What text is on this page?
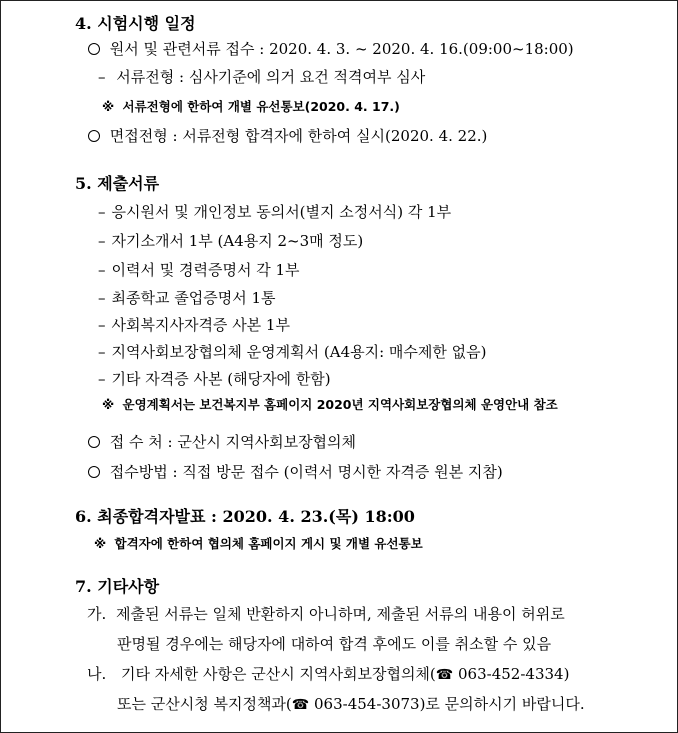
4. 시험시행 일정
원서 및 관련서류 접수 : 2020. 4. 3. ~ 2020. 4. 16.(09:00~18:00)
– 서류전형 : 심사기준에 의거 요건 적격여부 심사
※ 서류전형에 한하여 개별 유선통보(2020. 4. 17.)
면접전형 : 서류전형 합격자에 한하여 실시(2020. 4. 22.)
5. 제출서류
– 응시원서 및 개인정보 동의서(별지 소정서식) 각 1부
– 자기소개서 1부 (A4용지 2~3매 정도)
– 이력서 및 경력증명서 각 1부
– 최종학교 졸업증명서 1통
– 사회복지사자격증 사본 1부
– 지역사회보장협의체 운영계획서 (A4용지: 매수제한 없음)
– 기타 자격증 사본 (해당자에 한함)
※ 운영계획서는 보건복지부 홈페이지 2020년 지역사회보장협의체 운영안내 참조
접 수 처 : 군산시 지역사회보장협의체
접수방법 : 직접 방문 접수 (이력서 명시한 자격증 원본 지참)
6. 최종합격자발표 : 2020. 4. 23.(목) 18:00
※ 합격자에 한하여 협의체 홈페이지 게시 및 개별 유선통보
7. 기타사항
가. 제출된 서류는 일체 반환하지 아니하며, 제출된 서류의 내용이 허위로
판명될 경우에는 해당자에 대하여 합격 후에도 이를 취소할 수 있음
나. 기타 자세한 사항은 군산시 지역사회보장협의체(☎ 063-452-4334)
또는 군산시청 복지정책과(☎ 063-454-3073)로 문의하시기 바랍니다.
